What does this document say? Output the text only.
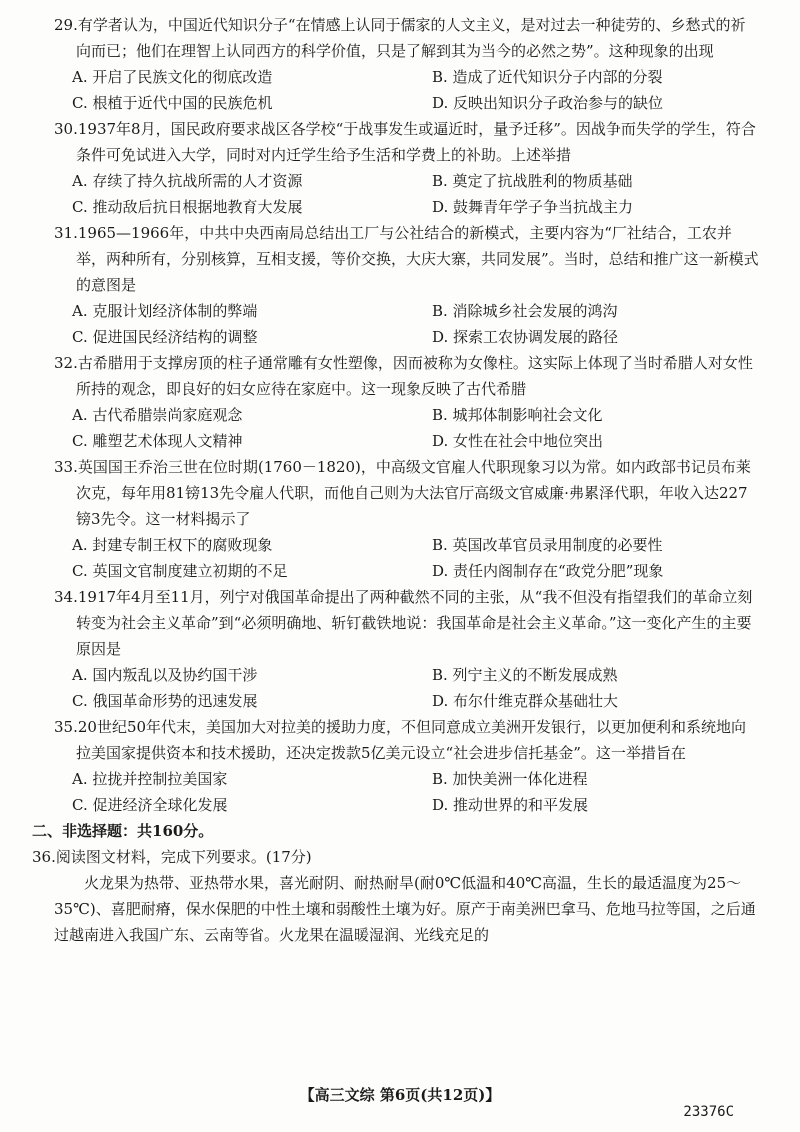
29.有学者认为，中国近代知识分子“在情感上认同于儒家的人文主义，是对过去一种徒劳的、乡愁式的祈向而已；他们在理智上认同西方的科学价值，只是了解到其为当今的必然之势”。这种现象的出现

A. 开启了民族文化的彻底改造	B. 造成了近代知识分子内部的分裂
C. 根植于近代中国的民族危机	D. 反映出知识分子政治参与的缺位

30.1937年8月，国民政府要求战区各学校“于战事发生或逼近时，量予迁移”。因战争而失学的学生，符合条件可免试进入大学，同时对内迁学生给予生活和学费上的补助。上述举措

A. 存续了持久抗战所需的人才资源	B. 奠定了抗战胜利的物质基础
C. 推动敌后抗日根据地教育大发展	D. 鼓舞青年学子争当抗战主力

31.1965—1966年，中共中央西南局总结出工厂与公社结合的新模式，主要内容为“厂社结合，工农并举，两种所有，分别核算，互相支援，等价交换，大庆大寨，共同发展”。当时，总结和推广这一新模式的意图是

A. 克服计划经济体制的弊端	B. 消除城乡社会发展的鸿沟
C. 促进国民经济结构的调整	D. 探索工农协调发展的路径

32.古希腊用于支撑房顶的柱子通常雕有女性塑像，因而被称为女像柱。这实际上体现了当时希腊人对女性所持的观念，即良好的妇女应待在家庭中。这一现象反映了古代希腊

A. 古代希腊崇尚家庭观念	B. 城邦体制影响社会文化
C. 雕塑艺术体现人文精神	D. 女性在社会中地位突出

33.英国国王乔治三世在位时期(1760－1820)，中高级文官雇人代职现象习以为常。如内政部书记员布莱次克，每年用81镑13先令雇人代职，而他自己则为大法官厅高级文官威廉·弗累泽代职，年收入达227镑3先令。这一材料揭示了

A. 封建专制王权下的腐败现象	B. 英国改革官员录用制度的必要性
C. 英国文官制度建立初期的不足	D. 责任内阁制存在“政党分肥”现象

34.1917年4月至11月，列宁对俄国革命提出了两种截然不同的主张，从“我不但没有指望我们的革命立刻转变为社会主义革命”到“必须明确地、斩钉截铁地说：我国革命是社会主义革命。”这一变化产生的主要原因是

A. 国内叛乱以及协约国干涉	B. 列宁主义的不断发展成熟
C. 俄国革命形势的迅速发展	D. 布尔什维克群众基础壮大

35.20世纪50年代末，美国加大对拉美的援助力度，不但同意成立美洲开发银行，以更加便利和系统地向拉美国家提供资本和技术援助，还决定拨款5亿美元设立“社会进步信托基金”。这一举措旨在

A. 拉拢并控制拉美国家	B. 加快美洲一体化进程
C. 促进经济全球化发展	D. 推动世界的和平发展
二、非选择题：共160分。
36.阅读图文材料，完成下列要求。(17分)

火龙果为热带、亚热带水果，喜光耐阴、耐热耐旱(耐0℃低温和40℃高温，生长的最适温度为25～35℃)、喜肥耐瘠，保水保肥的中性土壤和弱酸性土壤为好。原产于南美洲巴拿马、危地马拉等国，之后通过越南进入我国广东、云南等省。火龙果在温暖湿润、光线充足的

【高三文综 第6页(共12页)】
23376C
